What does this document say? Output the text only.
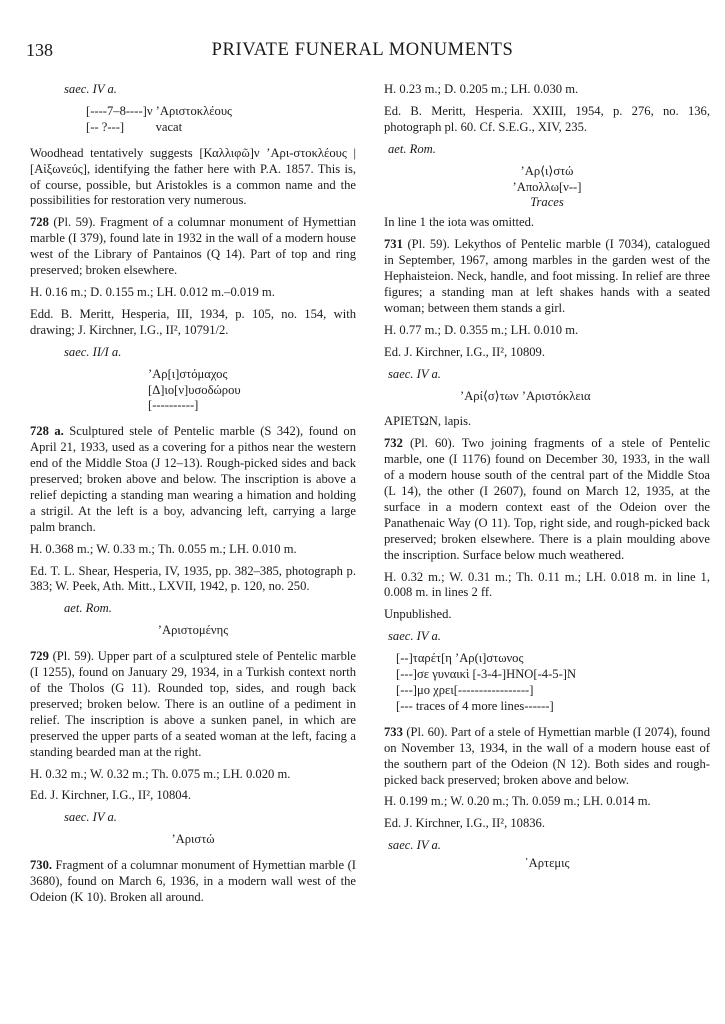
138	PRIVATE FUNERAL MONUMENTS

saec. IV a.

[----7–8----]ν ’Αριστοκλέους
[-- ?---]          vacat

Woodhead tentatively suggests [Καλλιφῶ]ν ’Αρι-στοκλέους | [Αἰξωνεύς], identifying the father here with P.A. 1857. This is, of course, possible, but Aristokles is a common name and the possibilities for restoration very numerous.

728 (Pl. 59). Fragment of a columnar monument of Hymettian marble (I 379), found late in 1932 in the wall of a modern house west of the Library of Pantainos (Q 14). Part of top and ring preserved; broken elsewhere.

H. 0.16 m.; D. 0.155 m.; LH. 0.012 m.–0.019 m.

Edd. B. Meritt, Hesperia, III, 1934, p. 105, no. 154, with drawing; J. Kirchner, I.G., II², 10791/2.

saec. II/I a.

’Αρ[ι]στόμαχος
[Δ]ιο[ν]υσοδώρου
[----------]

728 a. Sculptured stele of Pentelic marble (S 342), found on April 21, 1933, used as a covering for a pithos near the western end of the Middle Stoa (J 12–13). Rough-picked sides and back preserved; broken above and below. The inscription is above a relief depicting a standing man wearing a himation and holding a strigil. At the left is a boy, advancing left, carrying a large palm branch.

H. 0.368 m.; W. 0.33 m.; Th. 0.055 m.; LH. 0.010 m.

Ed. T. L. Shear, Hesperia, IV, 1935, pp. 382–385, photograph p. 383; W. Peek, Ath. Mitt., LXVII, 1942, p. 120, no. 250.

aet. Rom.

’Αριστομένης

729 (Pl. 59). Upper part of a sculptured stele of Pentelic marble (I 1255), found on January 29, 1934, in a Turkish context north of the Tholos (G 11). Rounded top, sides, and rough back preserved; broken below. There is an outline of a pediment in relief. The inscription is above a sunken panel, in which are preserved the upper parts of a seated woman at the left, facing a standing bearded man at the right.

H. 0.32 m.; W. 0.32 m.; Th. 0.075 m.; LH. 0.020 m.

Ed. J. Kirchner, I.G., II², 10804.

saec. IV a.

’Αριστώ

730. Fragment of a columnar monument of Hymettian marble (I 3680), found on March 6, 1936, in a modern wall west of the Odeion (K 10). Broken all around.

H. 0.23 m.; D. 0.205 m.; LH. 0.030 m.

Ed. B. Meritt, Hesperia. XXIII, 1954, p. 276, no. 136, photograph pl. 60. Cf. S.E.G., XIV, 235.

aet. Rom.

’Αρ⟨ι⟩στώ
’Απολλω[ν--]
Traces

In line 1 the iota was omitted.

731 (Pl. 59). Lekythos of Pentelic marble (I 7034), catalogued in September, 1967, among marbles in the garden west of the Hephaisteion. Neck, handle, and foot missing. In relief are three figures; a standing man at left shakes hands with a seated woman; between them stands a girl.

H. 0.77 m.; D. 0.355 m.; LH. 0.010 m.

Ed. J. Kirchner, I.G., II², 10809.

saec. IV a.

’Αρί⟨σ⟩των ’Αριστόκλεια

ΑΡΙΕΤΩΝ, lapis.

732 (Pl. 60). Two joining fragments of a stele of Pentelic marble, one (I 1176) found on December 30, 1933, in the wall of a modern house south of the central part of the Middle Stoa (L 14), the other (I 2607), found on March 12, 1935, at the surface in a modern context east of the Odeion over the Panathenaic Way (O 11). Top, right side, and rough-picked back preserved; broken elsewhere. There is a plain moulding above the inscription. Surface below much weathered.

H. 0.32 m.; W. 0.31 m.; Th. 0.11 m.; LH. 0.018 m. in line 1, 0.008 m. in lines 2 ff.

Unpublished.

saec. IV a.

[--]ταρέτ[η ’Αρ(ι]στωνος
[---]σε γυναικὶ [-3-4-]ΗΝΟ[-4-5-]Ν
[---]μο χρει[-----------------]
[--- traces of 4 more lines------]

733 (Pl. 60). Part of a stele of Hymettian marble (I 2074), found on November 13, 1934, in the wall of a modern house east of the southern part of the Odeion (N 12). Both sides and rough-picked back preserved; broken above and below.

H. 0.199 m.; W. 0.20 m.; Th. 0.059 m.; LH. 0.014 m.

Ed. J. Kirchner, I.G., II², 10836.

saec. IV a.

᾿Αρτεμις
